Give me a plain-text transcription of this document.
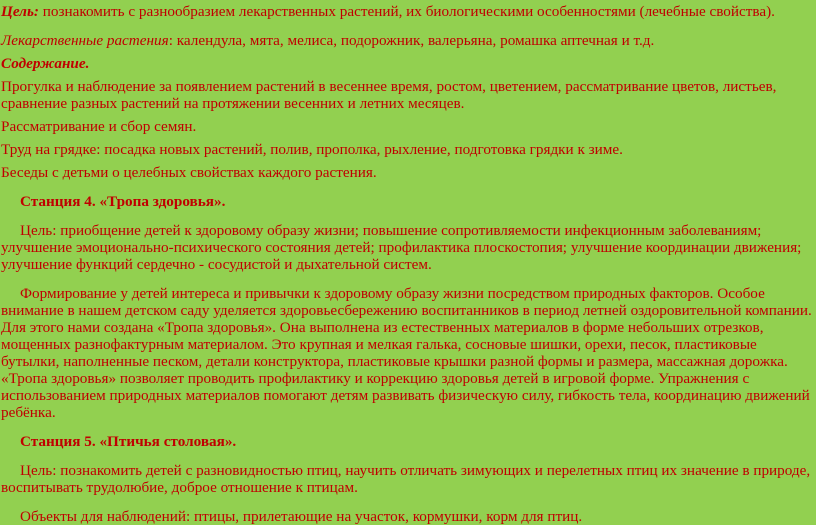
Цель: познакомить с разнообразием лекарственных растений, их биологическими особенностями (лечебные свойства).

Лекарственные растения: календула, мята, мелиса, подорожник, валерьяна, ромашка аптечная и т.д.

Содержание.

Прогулка и наблюдение за появлением растений в весеннее время, ростом, цветением, рассматривание цветов, листьев, сравнение разных растений на протяжении весенних и летних месяцев.

Рассматривание и сбор семян.

Труд на грядке: посадка новых растений, полив, прополка, рыхление, подготовка грядки к зиме.

Беседы с детьми о целебных свойствах каждого растения.

Станция 4. «Тропа здоровья».

Цель: приобщение детей к здоровому образу жизни; повышение сопротивляемости инфекционным заболеваниям; улучшение эмоционально-психического состояния детей; профилактика плоскостопия; улучшение координации движения; улучшение функций сердечно - сосудистой и дыхательной систем.

Формирование у детей интереса и привычки к здоровому образу жизни посредством природных факторов. Особое внимание в нашем детском саду уделяется здоровьесбережению воспитанников в период летней оздоровительной компании. Для этого нами создана «Тропа здоровья». Она выполнена из естественных материалов в форме небольших отрезков, мощенных разнофактурным материалом. Это крупная и мелкая галька, сосновые шишки, орехи, песок, пластиковые бутылки, наполненные песком, детали конструктора, пластиковые крышки разной формы и размера, массажная дорожка. «Тропа здоровья» позволяет проводить профилактику и коррекцию здоровья детей в игровой форме. Упражнения с использованием природных материалов помогают детям развивать физическую силу, гибкость тела, координацию движений ребёнка.

Станция 5. «Птичья столовая».

Цель: познакомить детей с разновидностью птиц, научить отличать зимующих и перелетных птиц их значение в природе, воспитывать трудолюбие, доброе отношение к птицам.

Объекты для наблюдений: птицы, прилетающие на участок, кормушки, корм для птиц.
